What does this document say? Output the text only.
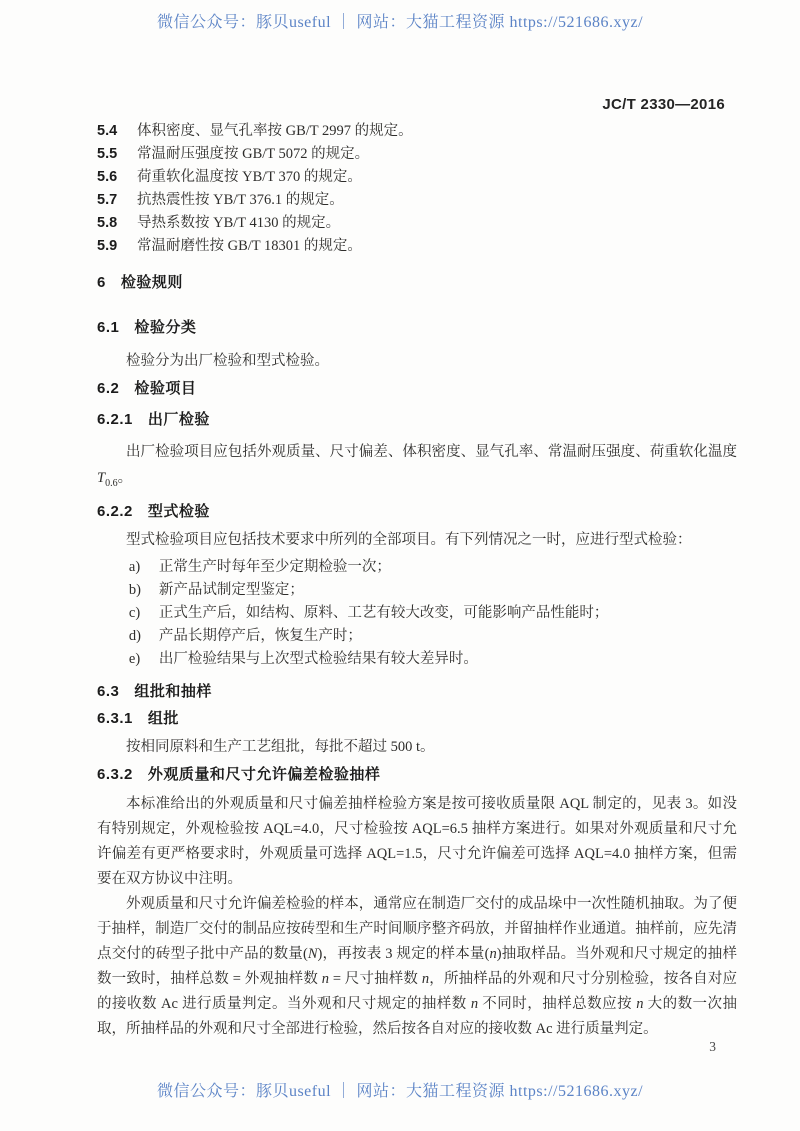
微信公众号：豚贝useful ｜ 网站：大猫工程资源 https://521686.xyz/
JC/T 2330—2016
5.4 体积密度、显气孔率按 GB/T 2997 的规定。
5.5 常温耐压强度按 GB/T 5072 的规定。
5.6 荷重软化温度按 YB/T 370 的规定。
5.7 抗热震性按 YB/T 376.1 的规定。
5.8 导热系数按 YB/T 4130 的规定。
5.9 常温耐磨性按 GB/T 18301 的规定。
6 检验规则
6.1 检验分类

检验分为出厂检验和型式检验。

6.2 检验项目
6.2.1 出厂检验

出厂检验项目应包括外观质量、尺寸偏差、体积密度、显气孔率、常温耐压强度、荷重软化温度 $T_{0.6}$。

6.2.2 型式检验

型式检验项目应包括技术要求中所列的全部项目。有下列情况之一时，应进行型式检验：

a) 正常生产时每年至少定期检验一次；
b) 新产品试制定型鉴定；
c) 正式生产后，如结构、原料、工艺有较大改变，可能影响产品性能时；
d) 产品长期停产后，恢复生产时；
e) 出厂检验结果与上次型式检验结果有较大差异时。
6.3 组批和抽样
6.3.1 组批

按相同原料和生产工艺组批，每批不超过 500 t。

6.3.2 外观质量和尺寸允许偏差检验抽样

本标准给出的外观质量和尺寸偏差抽样检验方案是按可接收质量限 AQL 制定的，见表 3。如没有特别规定，外观检验按 AQL=4.0，尺寸检验按 AQL=6.5 抽样方案进行。如果对外观质量和尺寸允许偏差有更严格要求时，外观质量可选择 AQL=1.5，尺寸允许偏差可选择 AQL=4.0 抽样方案，但需要在双方协议中注明。

外观质量和尺寸允许偏差检验的样本，通常应在制造厂交付的成品垛中一次性随机抽取。为了便于抽样，制造厂交付的制品应按砖型和生产时间顺序整齐码放，并留抽样作业通道。抽样前，应先清点交付的砖型子批中产品的数量(N)，再按表 3 规定的样本量(n)抽取样品。当外观和尺寸规定的抽样数一致时，抽样总数 = 外观抽样数 n = 尺寸抽样数 n，所抽样品的外观和尺寸分别检验，按各自对应的接收数 Ac 进行质量判定。当外观和尺寸规定的抽样数 n 不同时，抽样总数应按 n 大的数一次抽取，所抽样品的外观和尺寸全部进行检验，然后按各自对应的接收数 Ac 进行质量判定。

3
微信公众号：豚贝useful ｜ 网站：大猫工程资源 https://521686.xyz/
